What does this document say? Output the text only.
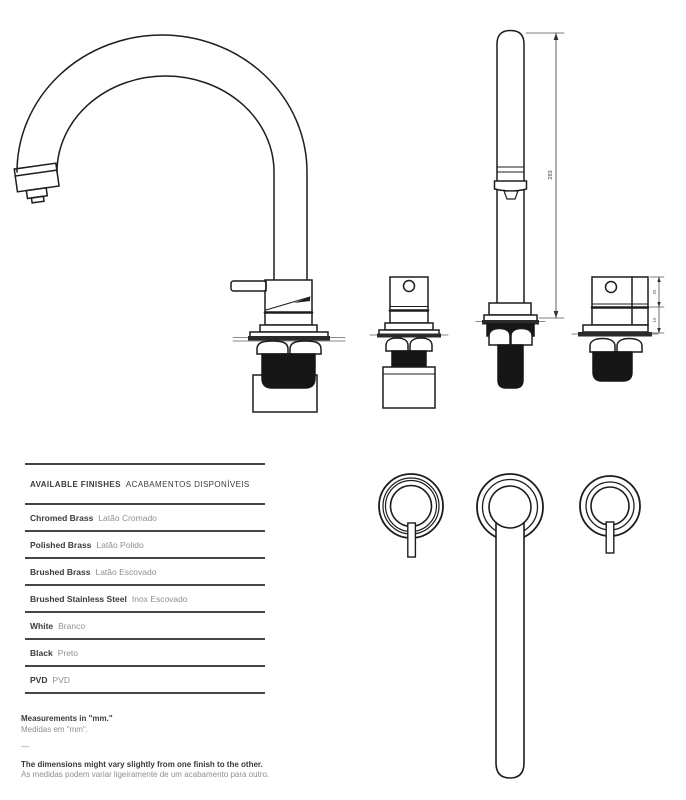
283
25
15
AVAILABLE FINISHES ACABAMENTOS DISPONÍVEIS
Chromed Brass Latão Cromado
Polished Brass Latão Polido
Brushed Brass Latão Escovado
Brushed Stainless Steel Inox Escovado
White Branco
Black Preto
PVD PVD

Measurements in "mm."

Medidas em "mm".

—

The dimensions might vary slightly from one finish to the other.

As medidas podem variar ligeiramente de um acabamento para outro.
